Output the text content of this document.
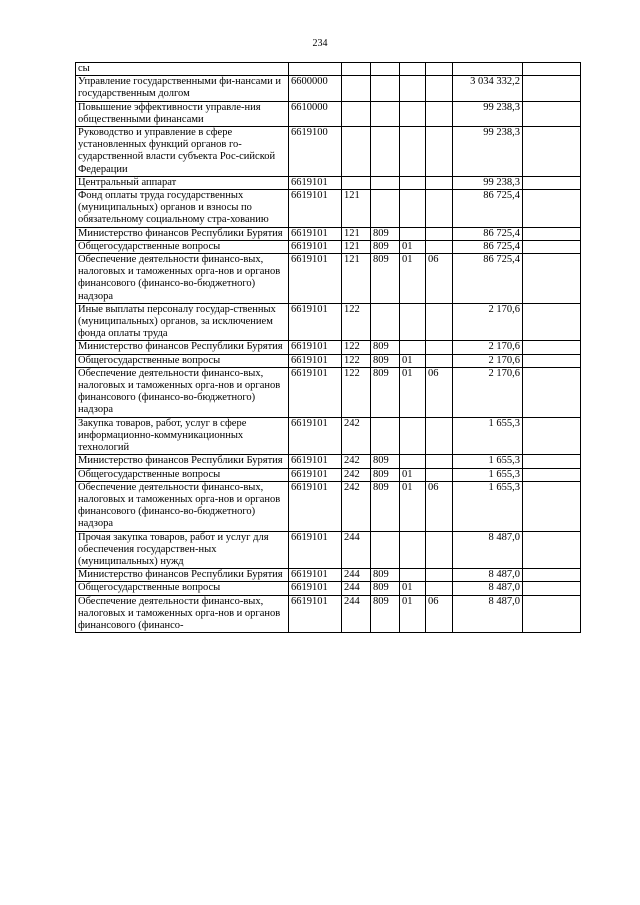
234
сы							
Управление государственными фи-нансами и государственным долгом	6600000					3 034 332,2	
Повышение эффективности управле-ния общественными финансами	6610000					99 238,3	
Руководство и управление в сфере установленных функций органов го-сударственной власти субъекта Рос-сийской Федерации	6619100					99 238,3	
Центральный аппарат	6619101					99 238,3	
Фонд оплаты труда государственных (муниципальных) органов и взносы по обязательному социальному стра-хованию	6619101	121				86 725,4	
Министерство финансов Республики Бурятия	6619101	121	809			86 725,4	
Общегосударственные вопросы	6619101	121	809	01		86 725,4	
Обеспечение деятельности финансо-вых, налоговых и таможенных орга-нов и органов финансового (финансо-во-бюджетного) надзора	6619101	121	809	01	06	86 725,4	
Иные выплаты персоналу государ-ственных (муниципальных) органов, за исключением фонда оплаты труда	6619101	122				2 170,6	
Министерство финансов Республики Бурятия	6619101	122	809			2 170,6	
Общегосударственные вопросы	6619101	122	809	01		2 170,6	
Обеспечение деятельности финансо-вых, налоговых и таможенных орга-нов и органов финансового (финансо-во-бюджетного) надзора	6619101	122	809	01	06	2 170,6	
Закупка товаров, работ, услуг в сфере информационно-коммуникационных технологий	6619101	242				1 655,3	
Министерство финансов Республики Бурятия	6619101	242	809			1 655,3	
Общегосударственные вопросы	6619101	242	809	01		1 655,3	
Обеспечение деятельности финансо-вых, налоговых и таможенных орга-нов и органов финансового (финансо-во-бюджетного) надзора	6619101	242	809	01	06	1 655,3	
Прочая закупка товаров, работ и услуг для обеспечения государствен-ных (муниципальных) нужд	6619101	244				8 487,0	
Министерство финансов Республики Бурятия	6619101	244	809			8 487,0	
Общегосударственные вопросы	6619101	244	809	01		8 487,0	
Обеспечение деятельности финансо-вых, налоговых и таможенных орга-нов и органов финансового (финансо-	6619101	244	809	01	06	8 487,0	
